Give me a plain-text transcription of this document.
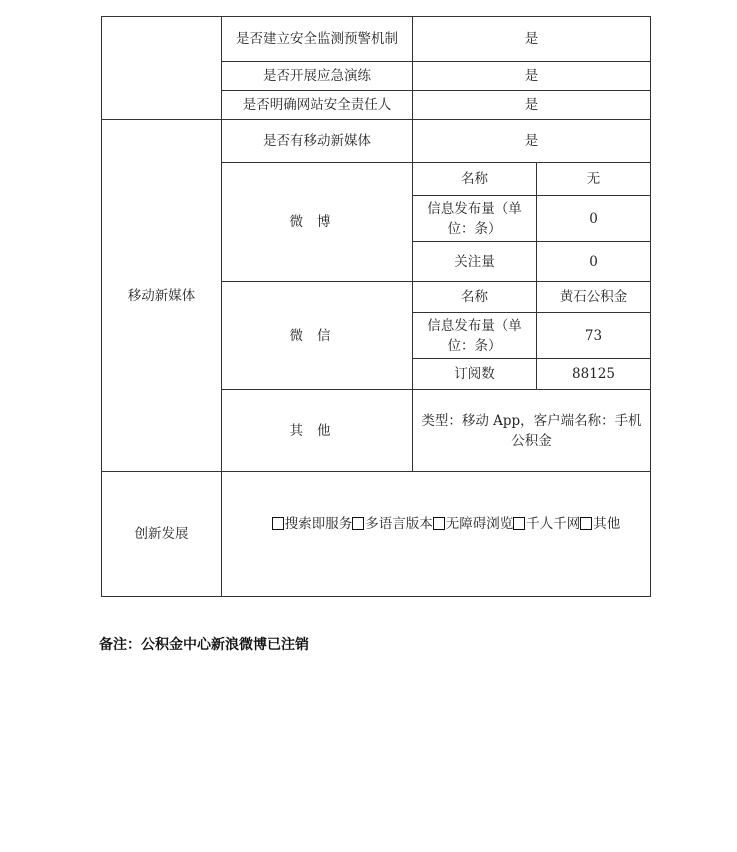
	是否建立安全监测预警机制	是	
	是否开展应急演练	是	
	是否明确网站安全责任人	是	
移动新媒体	是否有移动新媒体	是	
	微博	名称	无
		信息发布量（单位：条）	0
		关注量	0
	微信	名称	黄石公积金
		信息发布量（单位：条）	73
		订阅数	88125
	其他	类型：移动 App，客户端名称：手机公积金	
创新发展	搜索即服务 多语言版本 无障碍浏览 千人千网 其他		
备注：公积金中心新浪微博已注销
